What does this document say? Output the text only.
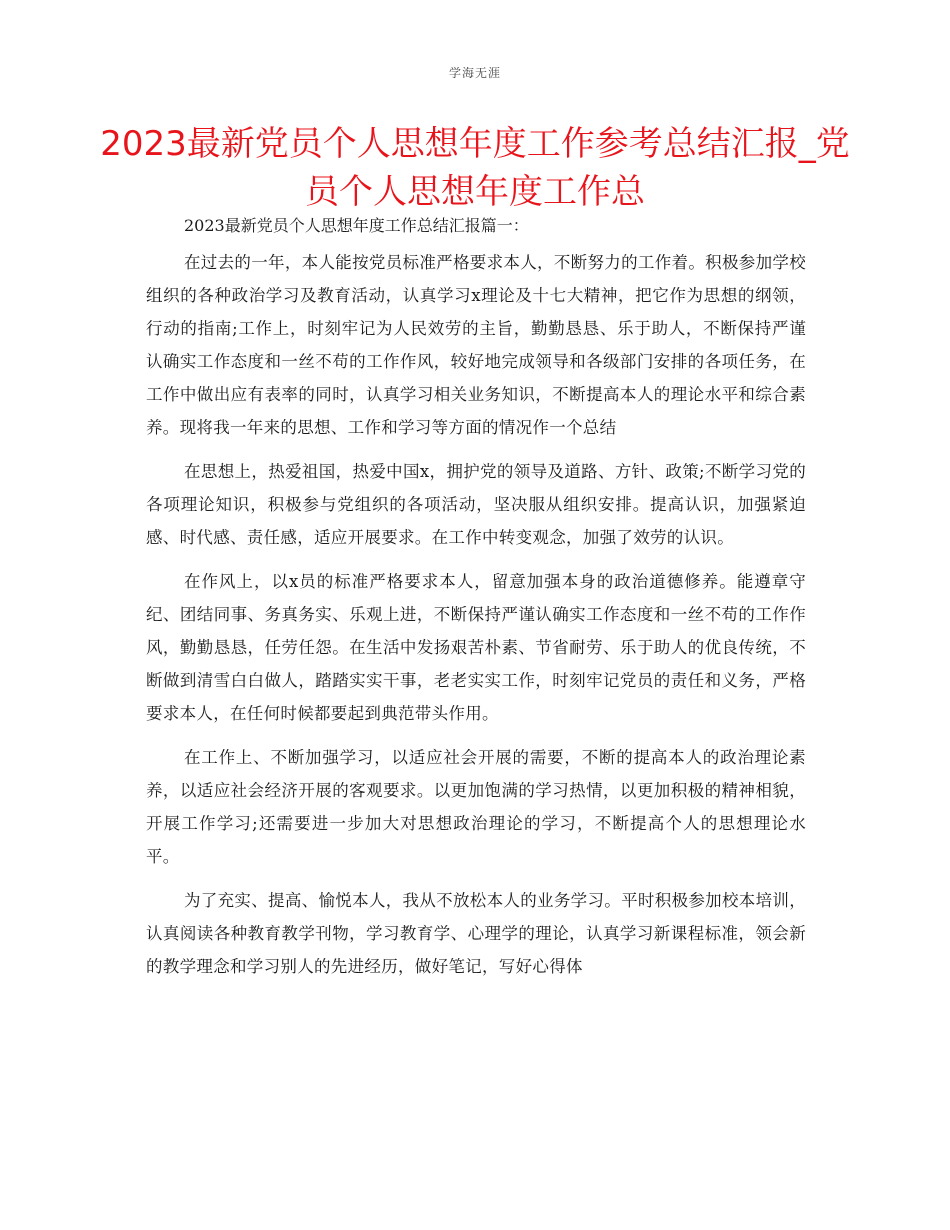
学海无涯
2023最新党员个人思想年度工作参考总结汇报_党员个人思想年度工作总

2023最新党员个人思想年度工作总结汇报篇一：

在过去的一年，本人能按党员标准严格要求本人，不断努力的工作着。积极参加学校组织的各种政治学习及教育活动，认真学习x理论及十七大精神，把它作为思想的纲领，行动的指南;工作上，时刻牢记为人民效劳的主旨，勤勤恳恳、乐于助人，不断保持严谨认确实工作态度和一丝不苟的工作作风，较好地完成领导和各级部门安排的各项任务，在工作中做出应有表率的同时，认真学习相关业务知识，不断提高本人的理论水平和综合素养。现将我一年来的思想、工作和学习等方面的情况作一个总结

在思想上，热爱祖国，热爱中国x，拥护党的领导及道路、方针、政策;不断学习党的各项理论知识，积极参与党组织的各项活动，坚决服从组织安排。提高认识，加强紧迫感、时代感、责任感，适应开展要求。在工作中转变观念，加强了效劳的认识。

在作风上，以x员的标准严格要求本人，留意加强本身的政治道德修养。能遵章守纪、团结同事、务真务实、乐观上进，不断保持严谨认确实工作态度和一丝不苟的工作作风，勤勤恳恳，任劳任怨。在生活中发扬艰苦朴素、节省耐劳、乐于助人的优良传统，不断做到清雪白白做人，踏踏实实干事，老老实实工作，时刻牢记党员的责任和义务，严格要求本人，在任何时候都要起到典范带头作用。

在工作上、不断加强学习，以适应社会开展的需要，不断的提高本人的政治理论素养，以适应社会经济开展的客观要求。以更加饱满的学习热情，以更加积极的精神相貌，开展工作学习;还需要进一步加大对思想政治理论的学习，不断提高个人的思想理论水平。

为了充实、提高、愉悦本人，我从不放松本人的业务学习。平时积极参加校本培训，认真阅读各种教育教学刊物，学习教育学、心理学的理论，认真学习新课程标准，领会新的教学理念和学习别人的先进经历，做好笔记，写好心得体
